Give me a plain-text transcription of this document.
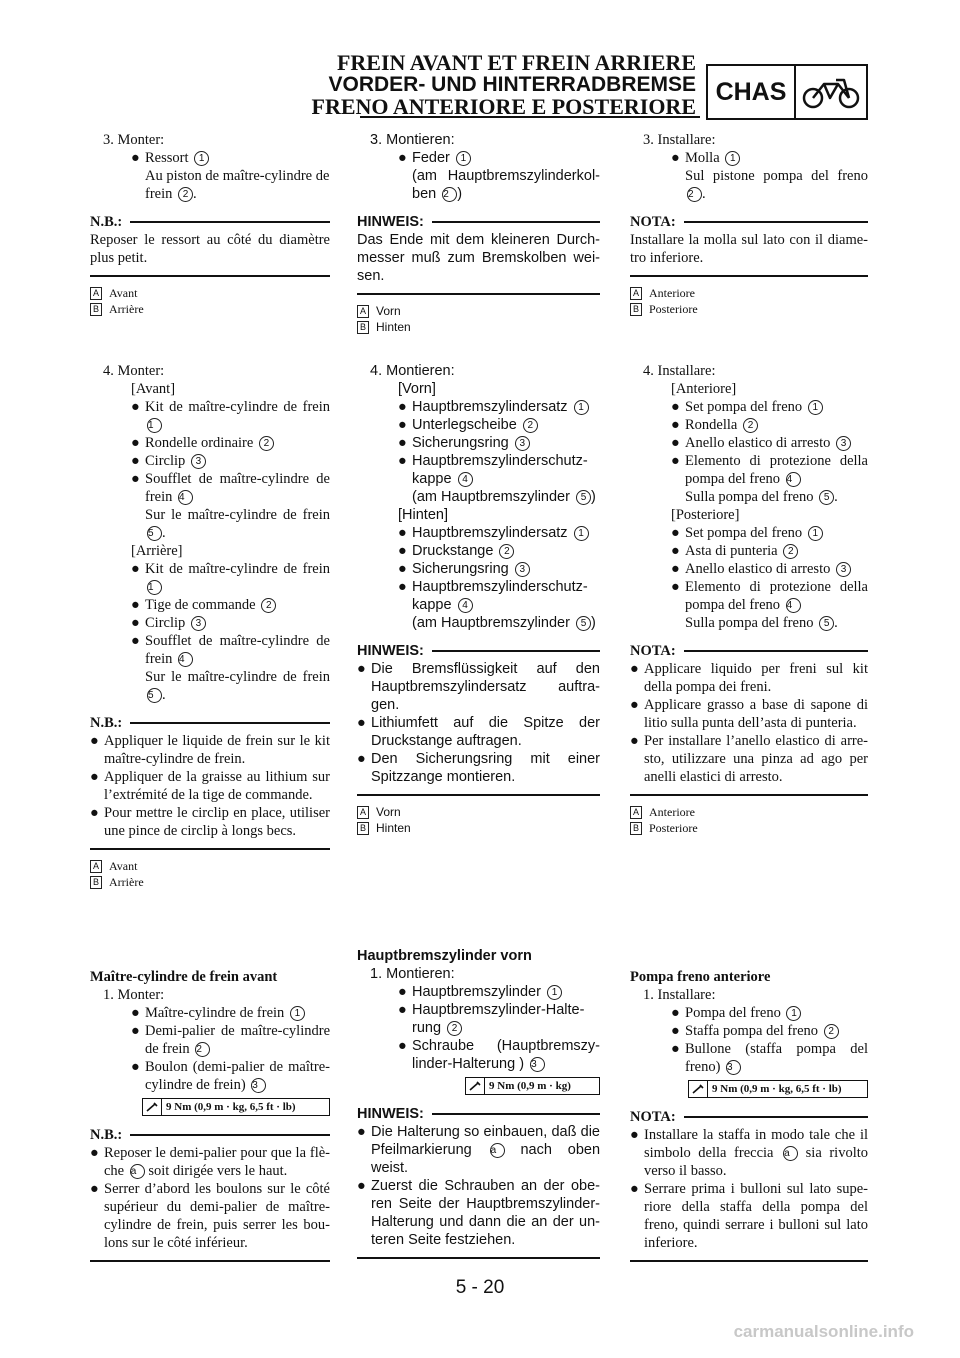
FREIN AVANT ET FREIN ARRIERE
VORDER- UND HINTERRADBREMSE
FRENO ANTERIORE E POSTERIORE
CHAS
3. Monter:
● Ressort 1
Au piston de maître-cylindre de frein 2 .
N.B.:
Reposer le ressort au côté du diamètre plus petit.
A Avant
B Arrière
4. Monter:
[Avant]
● Kit de maître-cylindre de frein 1
● Rondelle ordinaire 2
● Circlip 3
● Soufflet de maître-cylindre de frein 4
Sur le maître-cylindre de frein 5 .
[Arrière]
● Kit de maître-cylindre de frein 1
● Tige de commande 2
● Circlip 3
● Soufflet de maître-cylindre de frein 4
Sur le maître-cylindre de frein 5 .
N.B.:
● Appliquer le liquide de frein sur le kit maître-cylindre de frein.
● Appliquer de la graisse au lithium sur l’extrémité de la tige de commande.
● Pour mettre le circlip en place, utiliser une pince de circlip à longs becs.
A Avant
B Arrière
Maître-cylindre de frein avant
1. Monter:
● Maître-cylindre de frein 1
● Demi-palier de maître-cylindre de frein 2
● Boulon (demi-palier de maître-cylindre de frein) 3
9 Nm (0,9 m · kg, 6,5 ft · lb)
N.B.:
● Reposer le demi-palier pour que la flè-che a soit dirigée vers le haut.
● Serrer d’abord les boulons sur le côté supérieur du demi-palier de maître-cylindre de frein, puis serrer les bou-lons sur le côté inférieur.
3. Montieren:
● Feder 1
(am Hauptbremszylinderkol-ben 2 )
HINWEIS:
Das Ende mit dem kleineren Durch-messer muß zum Bremskolben wei-sen.
A Vorn
B Hinten
4. Montieren:
[Vorn]
● Hauptbremszylindersatz 1
● Unterlegscheibe 2
● Sicherungsring 3
● Hauptbremszylinderschutz-kappe 4
(am Hauptbremszylinder 5 )
[Hinten]
● Hauptbremszylindersatz 1
● Druckstange 2
● Sicherungsring 3
● Hauptbremszylinderschutz-kappe 4
(am Hauptbremszylinder 5 )
HINWEIS:
● Die Bremsflüssigkeit auf den Hauptbremszylindersatz auftra-gen.
● Lithiumfett auf die Spitze der Druckstange auftragen.
● Den Sicherungsring mit einer Spitzzange montieren.
A Vorn
B Hinten
Hauptbremszylinder vorn
1. Montieren:
● Hauptbremszylinder 1
● Hauptbremszylinder-Halte-rung 2
● Schraube (Hauptbremszy-linder-Halterung ) 3
9 Nm (0,9 m · kg)
HINWEIS:
● Die Halterung so einbauen, daß die Pfeilmarkierung a nach oben weist.
● Zuerst die Schrauben an der obe-ren Seite der Hauptbremszylinder-Halterung und dann die an der un-teren Seite festziehen.
3. Installare:
● Molla 1
Sul pistone pompa del freno 2 .
NOTA:
Installare la molla sul lato con il diame-tro inferiore.
A Anteriore
B Posteriore
4. Installare:
[Anteriore]
● Set pompa del freno 1
● Rondella 2
● Anello elastico di arresto 3
● Elemento di protezione della pompa del freno 4
Sulla pompa del freno 5 .
[Posteriore]
● Set pompa del freno 1
● Asta di punteria 2
● Anello elastico di arresto 3
● Elemento di protezione della pompa del freno 4
Sulla pompa del freno 5 .
NOTA:
● Applicare liquido per freni sul kit della pompa dei freni.
● Applicare grasso a base di sapone di litio sulla punta dell’asta di punteria.
● Per installare l’anello elastico di arre-sto, utilizzare una pinza ad ago per anelli elastici di arresto.
A Anteriore
B Posteriore
Pompa freno anteriore
1. Installare:
● Pompa del freno 1
● Staffa pompa del freno 2
● Bullone (staffa pompa del freno) 3
9 Nm (0,9 m · kg, 6,5 ft · lb)
NOTA:
● Installare la staffa in modo tale che il simbolo della freccia a sia rivolto verso il basso.
● Serrare prima i bulloni sul lato supe-riore della staffa della pompa del freno, quindi serrare i bulloni sul lato inferiore.
5 - 20
carmanualsonline.info
